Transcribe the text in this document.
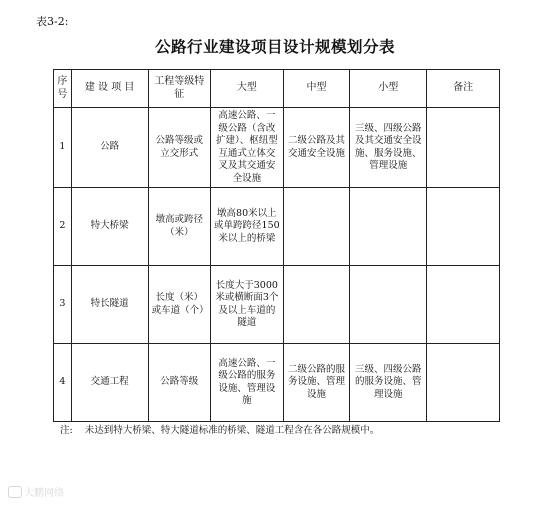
表3-2:
公路行业建设项目设计规模划分表
序号	建 设 项 目	工程等级特征	大型	中型	小型	备注
1	公路	公路等级或立交形式	高速公路、一级公路（含改扩建）、枢纽型互通式立体交叉及其交通安全设施	二级公路及其交通安全设施	三级、四级公路及其交通安全设施、服务设施、管理设施	
2	特大桥梁	墩高或跨径（米）	墩高80米以上或单跨跨径150米以上的桥梁			
3	特长隧道	长度（米）或车道（个）	长度大于3000米或横断面3个及以上车道的隧道			
4	交通工程	公路等级	高速公路、一级公路的服务设施、管理设施	二级公路的服务设施、管理设施	三级、四级公路的服务设施、管理设施	
注: 未达到特大桥梁、特大隧道标准的桥梁、隧道工程含在各公路规模中。
大鹏网络
